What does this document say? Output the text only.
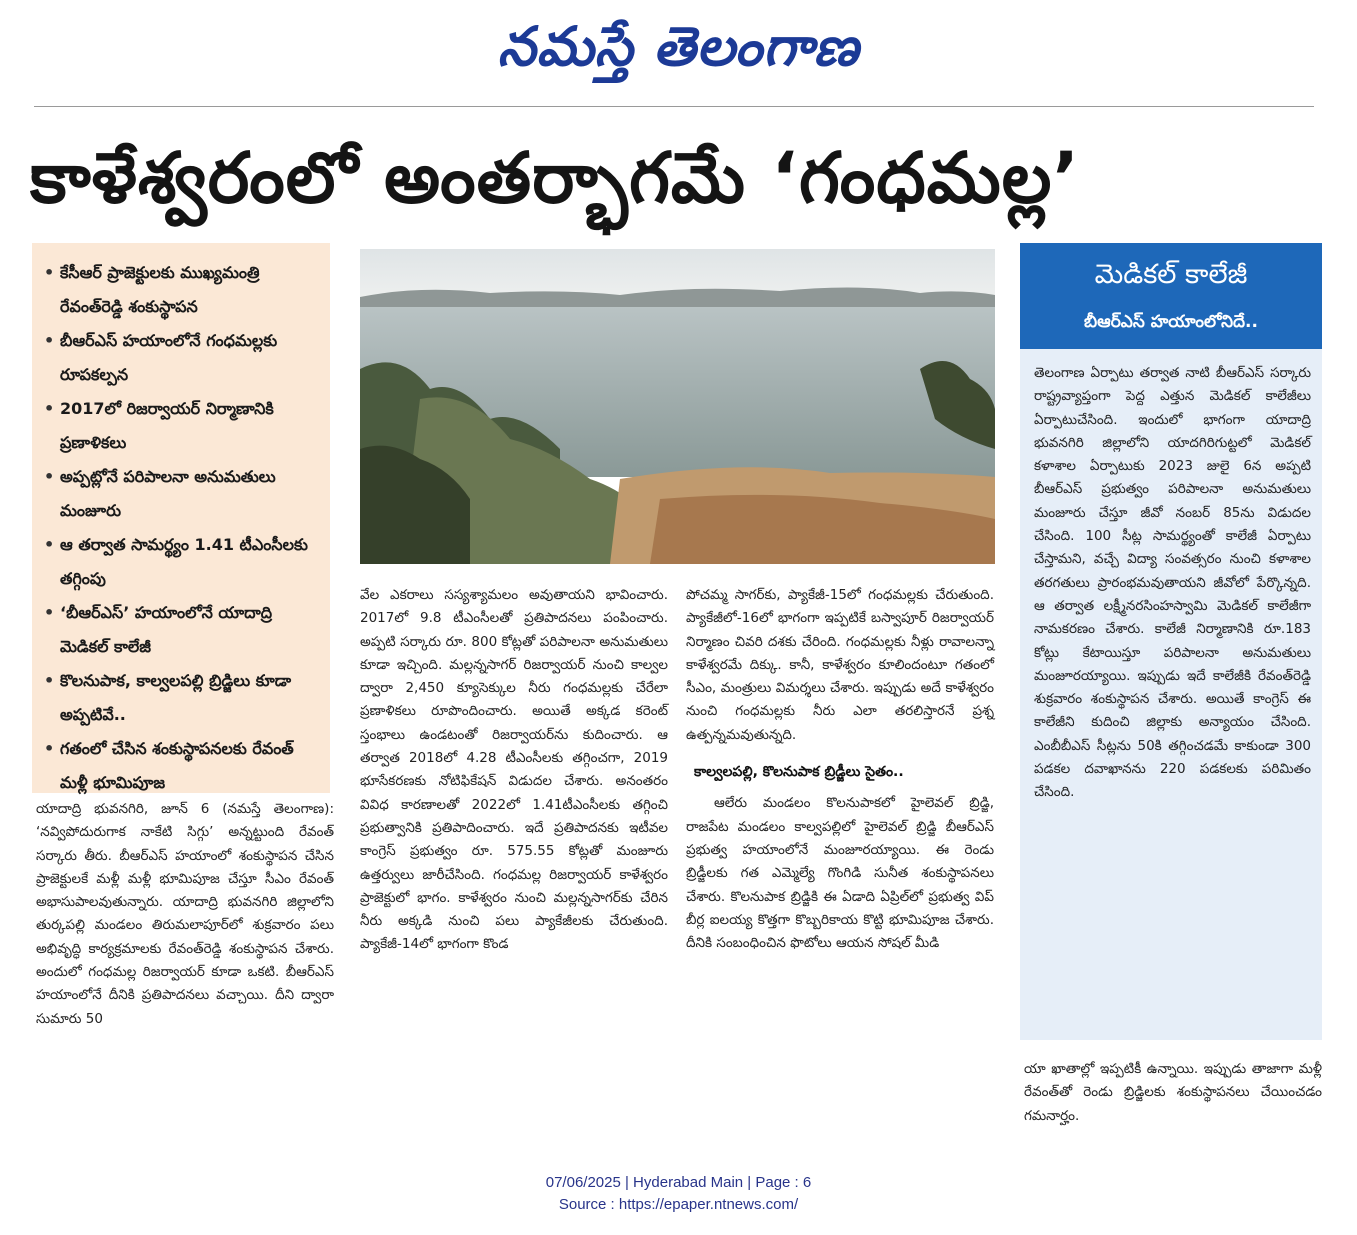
నమస్తే తెలంగాణ
కాళేశ్వరంలో అంతర్భాగమే ‘గంధమల్ల’
• కేసీఆర్‌ ప్రాజెక్టులకు ముఖ్యమంత్రి రేవంత్‌రెడ్డి శంకుస్థాపన
• బీఆర్‌ఎస్‌ హయాంలోనే గంధమల్లకు రూపకల్పన
• 2017లో రిజర్వాయర్‌ నిర్మాణానికి ప్రణాళికలు
• అప్పట్లోనే పరిపాలనా అనుమతులు మంజూరు
• ఆ తర్వాత సామర్థ్యం 1.41 టీఎంసీలకు తగ్గింపు
• ‘బీఆర్‌ఎస్‌’ హయాంలోనే యాదాద్రి మెడికల్‌ కాలేజీ
• కొలనుపాక, కాల్వలపల్లి బ్రిడ్జిలు కూడా అప్పటివే..
• గతంలో చేసిన శంకుస్థాపనలకు రేవంత్‌ మళ్లీ భూమిపూజ

యాదాద్రి భువనగిరి, జూన్‌ 6 (నమస్తే తెలంగాణ): ‘నవ్విపోదురుగాక నాకేటి సిగ్గు’ అన్నట్టుంది రేవంత్‌ సర్కారు తీరు. బీఆర్‌ఎస్‌ హయాంలో శంకుస్థాపన చేసిన ప్రాజెక్టులకే మళ్లీ మళ్లీ భూమిపూజ చేస్తూ సీఎం రేవంత్‌ అభాసుపాలవుతున్నారు. యాదాద్రి భువనగిరి జిల్లాలోని తుర్కపల్లి మండలం తిరుమలాపూర్‌లో శుక్రవారం పలు అభివృద్ధి కార్యక్రమాలకు రేవంత్‌రెడ్డి శంకుస్థాపన చేశారు. అందులో గంధమల్ల రిజర్వాయర్‌ కూడా ఒకటి. బీఆర్‌ఎస్‌ హయాంలోనే దీనికి ప్రతిపాదనలు వచ్చాయి. దీని ద్వారా సుమారు 50

వేల ఎకరాలు సస్యశ్యామలం అవుతాయని భావించారు. 2017లో 9.8 టీఎంసీలతో ప్రతిపాదనలు పంపించారు. అప్పటి సర్కారు రూ. 800 కోట్లతో పరిపాలనా అనుమతులు కూడా ఇచ్చింది. మల్లన్నసాగర్‌ రిజర్వాయర్‌ నుంచి కాల్వల ద్వారా 2,450 క్యూసెక్కుల నీరు గంధమల్లకు చేరేలా ప్రణాళికలు రూపొందించారు. అయితే అక్కడ కరెంట్‌ స్తంభాలు ఉండటంతో రిజర్వాయర్‌ను కుదించారు. ఆ తర్వాత 2018లో 4.28 టీఎంసీలకు తగ్గించగా, 2019 భూసేకరణకు నోటిఫికేషన్‌ విడుదల చేశారు. అనంతరం వివిధ కారణాలతో 2022లో 1.41టీఎంసీలకు తగ్గించి ప్రభుత్వానికి ప్రతిపాదించారు. ఇదే ప్రతిపాదనకు ఇటీవల కాంగ్రెస్‌ ప్రభుత్వం రూ. 575.55 కోట్లతో మంజూరు ఉత్తర్వులు జారీచేసింది. గంధమల్ల రిజర్వాయర్‌ కాళేశ్వరం ప్రాజెక్టులో భాగం. కాళేశ్వరం నుంచి మల్లన్నసాగర్‌కు చేరిన నీరు అక్కడి నుంచి పలు ప్యాకేజీలకు చేరుతుంది. ప్యాకేజీ-14లో భాగంగా కొండ

పోచమ్మ సాగర్‌కు, ప్యాకేజీ-15లో గంధమల్లకు చేరుతుంది. ప్యాకేజీలో-16లో భాగంగా ఇప్పటికే బస్వాపూర్‌ రిజర్వాయర్‌ నిర్మాణం చివరి దశకు చేరింది. గంధమల్లకు నీళ్లు రావాలన్నా కాళేశ్వరమే దిక్కు. కానీ, కాళేశ్వరం కూలిందంటూ గతంలో సీఎం, మంత్రులు విమర్శలు చేశారు. ఇప్పుడు అదే కాళేశ్వరం నుంచి గంధమల్లకు నీరు ఎలా తరలిస్తారనే ప్రశ్న ఉత్పన్నమవుతున్నది.

కాల్వలపల్లి, కొలనుపాక బ్రిడ్జీలు సైతం..

ఆలేరు మండలం కొలనుపాకలో హైలెవల్‌ బ్రిడ్జి, రాజపేట మండలం కాల్వపల్లిలో హైలెవల్‌ బ్రిడ్జి బీఆర్‌ఎస్‌ ప్రభుత్వ హయాంలోనే మంజూరయ్యాయి. ఈ రెండు బ్రిడ్జీలకు గత ఎమ్మెల్యే గొంగిడి సునీత శంకుస్థాపనలు చేశారు. కొలనుపాక బ్రిడ్జికి ఈ ఏడాది ఏప్రిల్‌లో ప్రభుత్వ విప్‌ బీర్ల ఐలయ్య కొత్తగా కొబ్బరికాయ కొట్టి భూమిపూజ చేశారు. దీనికి సంబంధించిన ఫొటోలు ఆయన సోషల్‌ మీడి

మెడికల్‌ కాలేజీ
బీఆర్‌ఎస్‌ హయాంలోనిదే..

తెలంగాణ ఏర్పాటు తర్వాత నాటి బీఆర్‌ఎస్‌ సర్కారు రాష్ట్రవ్యాప్తంగా పెద్ద ఎత్తున మెడికల్‌ కాలేజీలు ఏర్పాటుచేసింది. ఇందులో భాగంగా యాదాద్రి భువనగిరి జిల్లాలోని యాదగిరిగుట్టలో మెడికల్‌ కళాశాల ఏర్పాటుకు 2023 జులై 6న అప్పటి బీఆర్‌ఎస్‌ ప్రభుత్వం పరిపాలనా అనుమతులు మంజూరు చేస్తూ జీవో నంబర్‌ 85ను విడుదల చేసింది. 100 సీట్ల సామర్థ్యంతో కాలేజీ ఏర్పాటు చేస్తామని, వచ్చే విద్యా సంవత్సరం నుంచి కళాశాల తరగతులు ప్రారంభమవుతాయని జీవోలో పేర్కొన్నది. ఆ తర్వాత లక్ష్మీనరసింహస్వామి మెడికల్‌ కాలేజీగా నామకరణం చేశారు. కాలేజీ నిర్మాణానికి రూ.183 కోట్లు కేటాయిస్తూ పరిపాలనా అనుమతులు మంజూరయ్యాయి. ఇప్పుడు ఇదే కాలేజీకి రేవంత్‌రెడ్డి శుక్రవారం శంకుస్థాపన చేశారు. అయితే కాంగ్రెస్‌ ఈ కాలేజీని కుదించి జిల్లాకు అన్యాయం చేసింది. ఎంబీబీఎస్‌ సీట్లను 50కి తగ్గించడమే కాకుండా 300 పడకల దవాఖానను 220 పడకలకు పరిమితం చేసింది.

యా ఖాతాల్లో ఇప్పటికీ ఉన్నాయి. ఇప్పుడు తాజాగా మళ్లీ రేవంత్‌తో రెండు బ్రిడ్జిలకు శంకుస్థాపనలు చేయించడం గమనార్హం.

07/06/2025 | Hyderabad Main | Page : 6
Source : https://epaper.ntnews.com/
